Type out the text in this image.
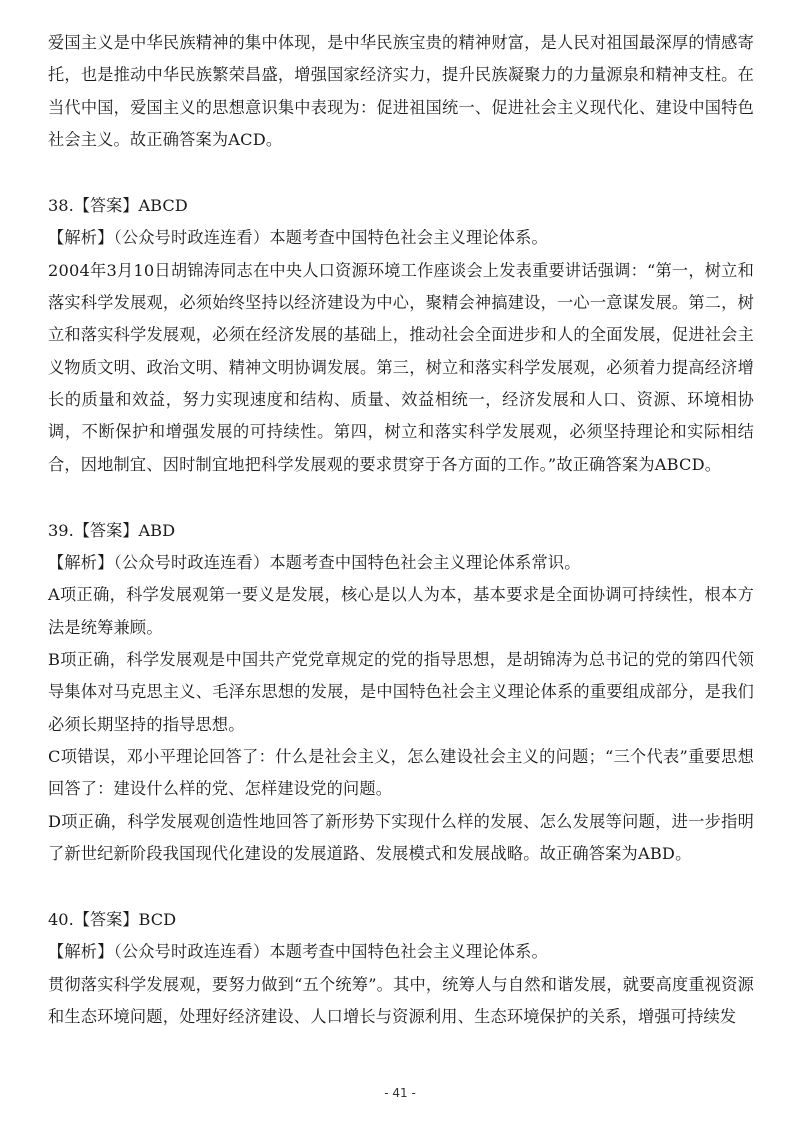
爱国主义是中华民族精神的集中体现，是中华民族宝贵的精神财富，是人民对祖国最深厚的情感寄托，也是推动中华民族繁荣昌盛，增强国家经济实力，提升民族凝聚力的力量源泉和精神支柱。在当代中国，爱国主义的思想意识集中表现为：促进祖国统一、促进社会主义现代化、建设中国特色社会主义。故正确答案为ACD。

38.【答案】ABCD

【解析】（公众号时政连连看）本题考查中国特色社会主义理论体系。

2004年3月10日胡锦涛同志在中央人口资源环境工作座谈会上发表重要讲话强调：“第一，树立和落实科学发展观，必须始终坚持以经济建设为中心，聚精会神搞建设，一心一意谋发展。第二，树立和落实科学发展观，必须在经济发展的基础上，推动社会全面进步和人的全面发展，促进社会主义物质文明、政治文明、精神文明协调发展。第三，树立和落实科学发展观，必须着力提高经济增长的质量和效益，努力实现速度和结构、质量、效益相统一，经济发展和人口、资源、环境相协调，不断保护和增强发展的可持续性。第四，树立和落实科学发展观，必须坚持理论和实际相结合，因地制宜、因时制宜地把科学发展观的要求贯穿于各方面的工作。”故正确答案为ABCD。

39.【答案】ABD

【解析】（公众号时政连连看）本题考查中国特色社会主义理论体系常识。

A项正确，科学发展观第一要义是发展，核心是以人为本，基本要求是全面协调可持续性，根本方法是统筹兼顾。

B项正确，科学发展观是中国共产党党章规定的党的指导思想，是胡锦涛为总书记的党的第四代领导集体对马克思主义、毛泽东思想的发展，是中国特色社会主义理论体系的重要组成部分，是我们必须长期坚持的指导思想。

C项错误，邓小平理论回答了：什么是社会主义，怎么建设社会主义的问题；“三个代表”重要思想回答了：建设什么样的党、怎样建设党的问题。

D项正确，科学发展观创造性地回答了新形势下实现什么样的发展、怎么发展等问题，进一步指明了新世纪新阶段我国现代化建设的发展道路、发展模式和发展战略。故正确答案为ABD。

40.【答案】BCD

【解析】（公众号时政连连看）本题考查中国特色社会主义理论体系。

贯彻落实科学发展观，要努力做到“五个统筹”。其中，统筹人与自然和谐发展，就要高度重视资源和生态环境问题，处理好经济建设、人口增长与资源利用、生态环境保护的关系，增强可持续发

- 41 -
